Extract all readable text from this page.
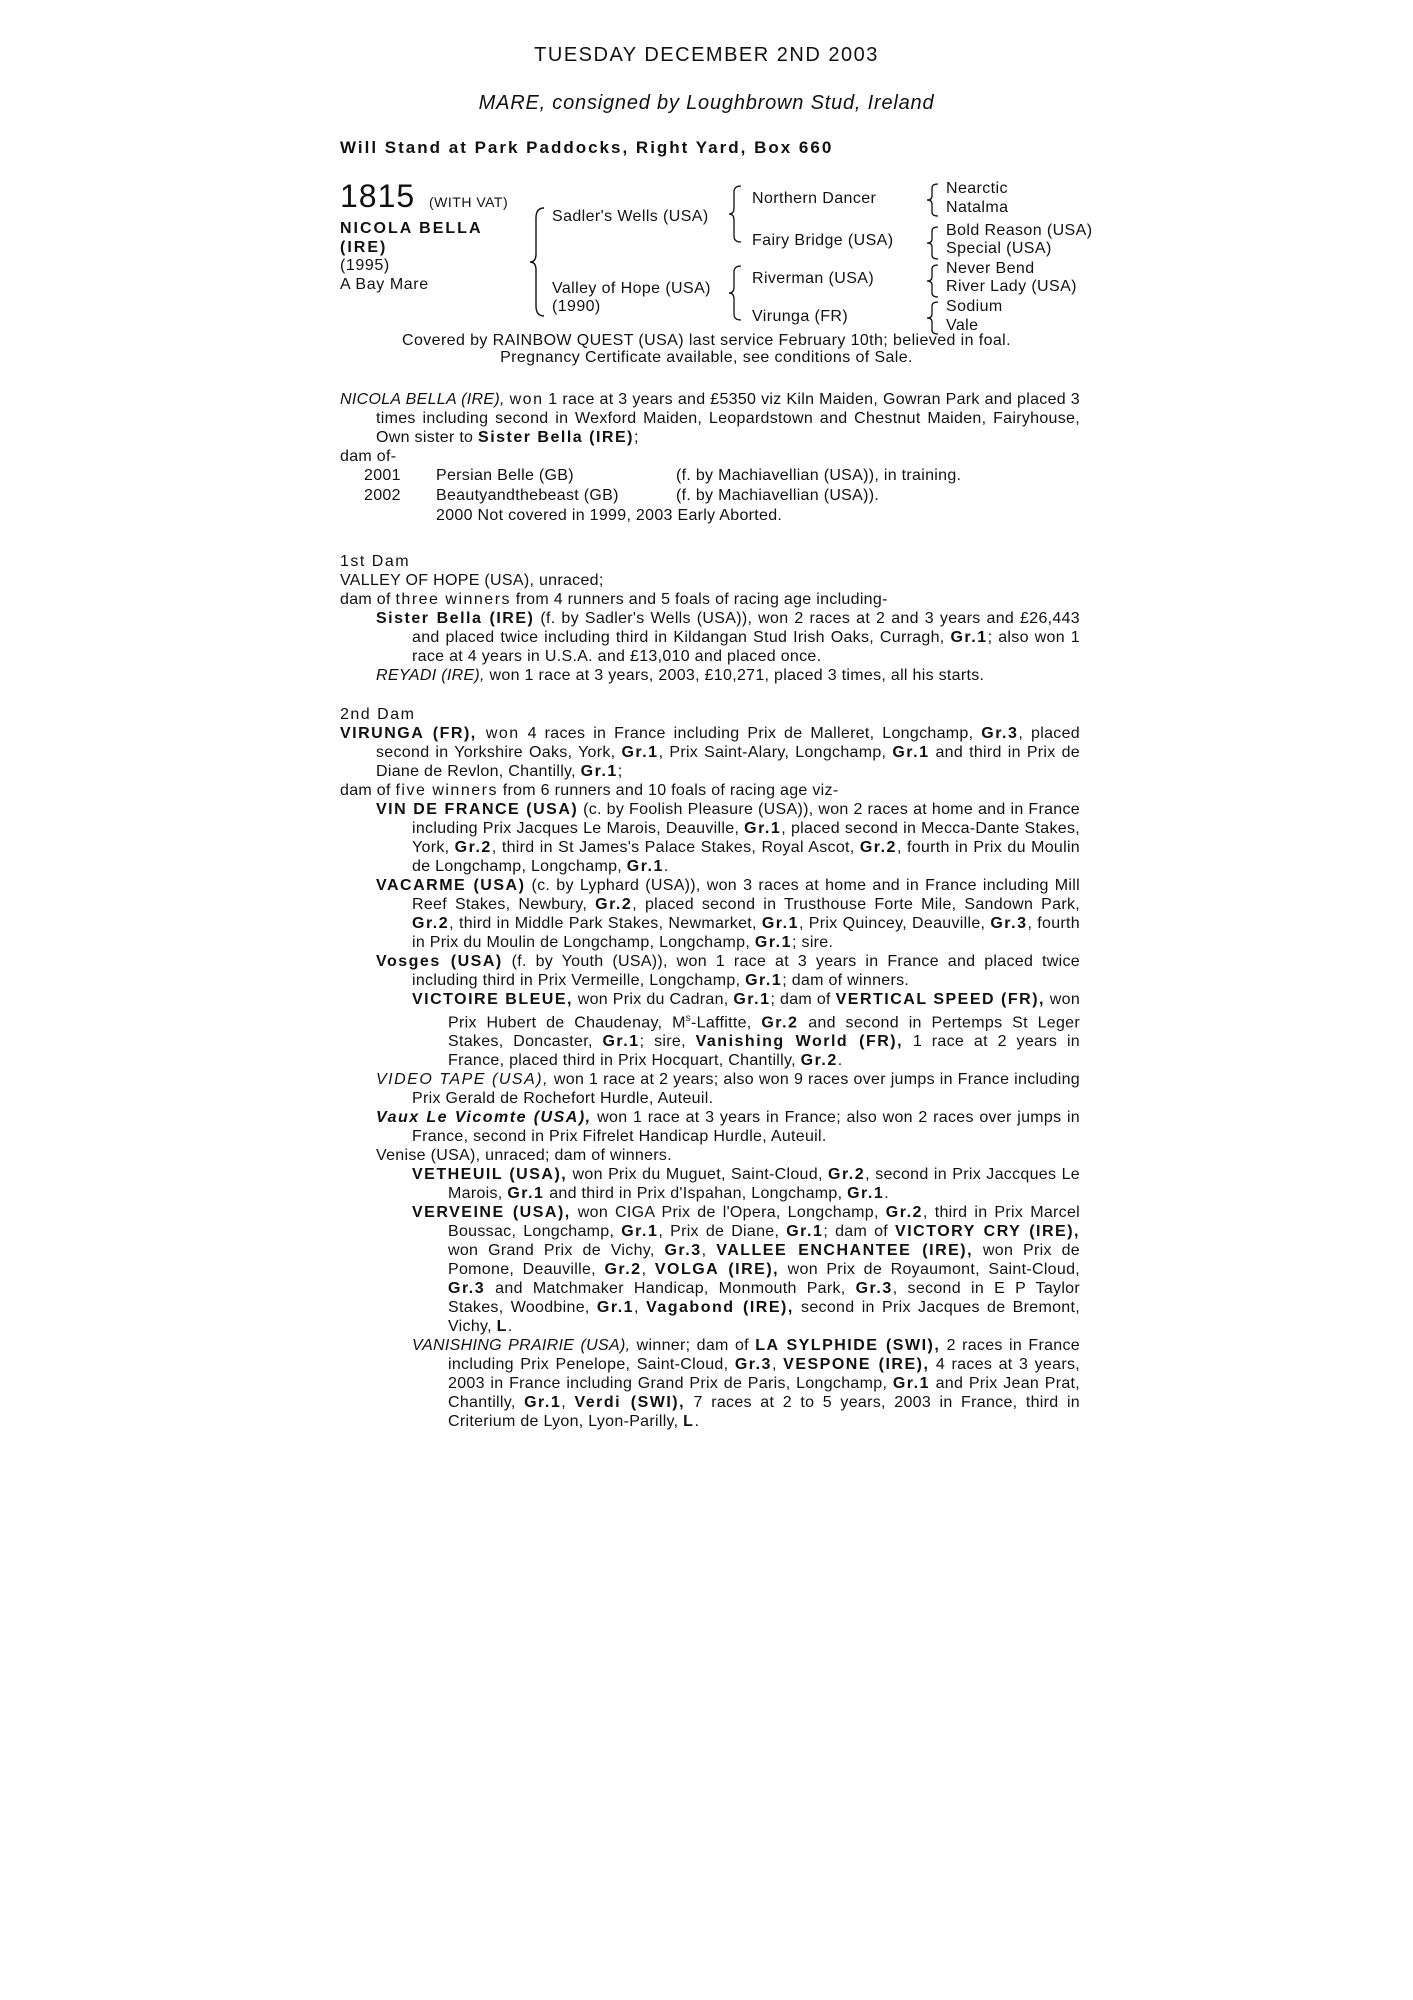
TUESDAY DECEMBER 2ND 2003
MARE, consigned by Loughbrown Stud, Ireland
Will Stand at Park Paddocks, Right Yard, Box 660
1815 (WITH VAT)
NICOLA BELLA
(IRE)
(1995)
A Bay Mare
Sadler's Wells (USA)
Valley of Hope (USA)
(1990)
Northern Dancer
Fairy Bridge (USA)
Riverman (USA)
Virunga (FR)
Nearctic
Natalma
Bold Reason (USA)
Special (USA)
Never Bend
River Lady (USA)
Sodium
Vale
Covered by RAINBOW QUEST (USA) last service February 10th; believed in foal.
Pregnancy Certificate available, see conditions of Sale.

NICOLA BELLA (IRE), won 1 race at 3 years and £5350 viz Kiln Maiden, Gowran Park and placed 3 times including second in Wexford Maiden, Leopardstown and Chestnut Maiden, Fairyhouse, Own sister to Sister Bella (IRE);

dam of-
2001 Persian Belle (GB)	(f. by Machiavellian (USA)), in training.
2002 Beautyandthebeast (GB)	(f. by Machiavellian (USA)).
2000 Not covered in 1999, 2003 Early Aborted.
1st Dam
VALLEY OF HOPE (USA), unraced;
dam of three winners from 4 runners and 5 foals of racing age including-

Sister Bella (IRE) (f. by Sadler's Wells (USA)), won 2 races at 2 and 3 years and £26,443 and placed twice including third in Kildangan Stud Irish Oaks, Curragh, Gr.1; also won 1 race at 4 years in U.S.A. and £13,010 and placed once.

REYADI (IRE), won 1 race at 3 years, 2003, £10,271, placed 3 times, all his starts.

2nd Dam

VIRUNGA (FR), won 4 races in France including Prix de Malleret, Longchamp, Gr.3, placed second in Yorkshire Oaks, York, Gr.1, Prix Saint-Alary, Longchamp, Gr.1 and third in Prix de Diane de Revlon, Chantilly, Gr.1;

dam of five winners from 6 runners and 10 foals of racing age viz-

VIN DE FRANCE (USA) (c. by Foolish Pleasure (USA)), won 2 races at home and in France including Prix Jacques Le Marois, Deauville, Gr.1, placed second in Mecca-Dante Stakes, York, Gr.2, third in St James's Palace Stakes, Royal Ascot, Gr.2, fourth in Prix du Moulin de Longchamp, Longchamp, Gr.1.

VACARME (USA) (c. by Lyphard (USA)), won 3 races at home and in France including Mill Reef Stakes, Newbury, Gr.2, placed second in Trusthouse Forte Mile, Sandown Park, Gr.2, third in Middle Park Stakes, Newmarket, Gr.1, Prix Quincey, Deauville, Gr.3, fourth in Prix du Moulin de Longchamp, Longchamp, Gr.1; sire.

Vosges (USA) (f. by Youth (USA)), won 1 race at 3 years in France and placed twice including third in Prix Vermeille, Longchamp, Gr.1; dam of winners.

VICTOIRE BLEUE, won Prix du Cadran, Gr.1; dam of VERTICAL SPEED (FR), won Prix Hubert de Chaudenay, $M^s$-Laffitte, Gr.2 and second in Pertemps St Leger Stakes, Doncaster, Gr.1; sire, Vanishing World (FR), 1 race at 2 years in France, placed third in Prix Hocquart, Chantilly, Gr.2.

VIDEO TAPE (USA), won 1 race at 2 years; also won 9 races over jumps in France including Prix Gerald de Rochefort Hurdle, Auteuil.

Vaux Le Vicomte (USA), won 1 race at 3 years in France; also won 2 races over jumps in France, second in Prix Fifrelet Handicap Hurdle, Auteuil.

Venise (USA), unraced; dam of winners.

VETHEUIL (USA), won Prix du Muguet, Saint-Cloud, Gr.2, second in Prix Jaccques Le Marois, Gr.1 and third in Prix d'Ispahan, Longchamp, Gr.1.

VERVEINE (USA), won CIGA Prix de l'Opera, Longchamp, Gr.2, third in Prix Marcel Boussac, Longchamp, Gr.1, Prix de Diane, Gr.1; dam of VICTORY CRY (IRE), won Grand Prix de Vichy, Gr.3, VALLEE ENCHANTEE (IRE), won Prix de Pomone, Deauville, Gr.2, VOLGA (IRE), won Prix de Royaumont, Saint-Cloud, Gr.3 and Matchmaker Handicap, Monmouth Park, Gr.3, second in E P Taylor Stakes, Woodbine, Gr.1, Vagabond (IRE), second in Prix Jacques de Bremont, Vichy, L.

VANISHING PRAIRIE (USA), winner; dam of LA SYLPHIDE (SWI), 2 races in France including Prix Penelope, Saint-Cloud, Gr.3, VESPONE (IRE), 4 races at 3 years, 2003 in France including Grand Prix de Paris, Longchamp, Gr.1 and Prix Jean Prat, Chantilly, Gr.1, Verdi (SWI), 7 races at 2 to 5 years, 2003 in France, third in Criterium de Lyon, Lyon-Parilly, L.
